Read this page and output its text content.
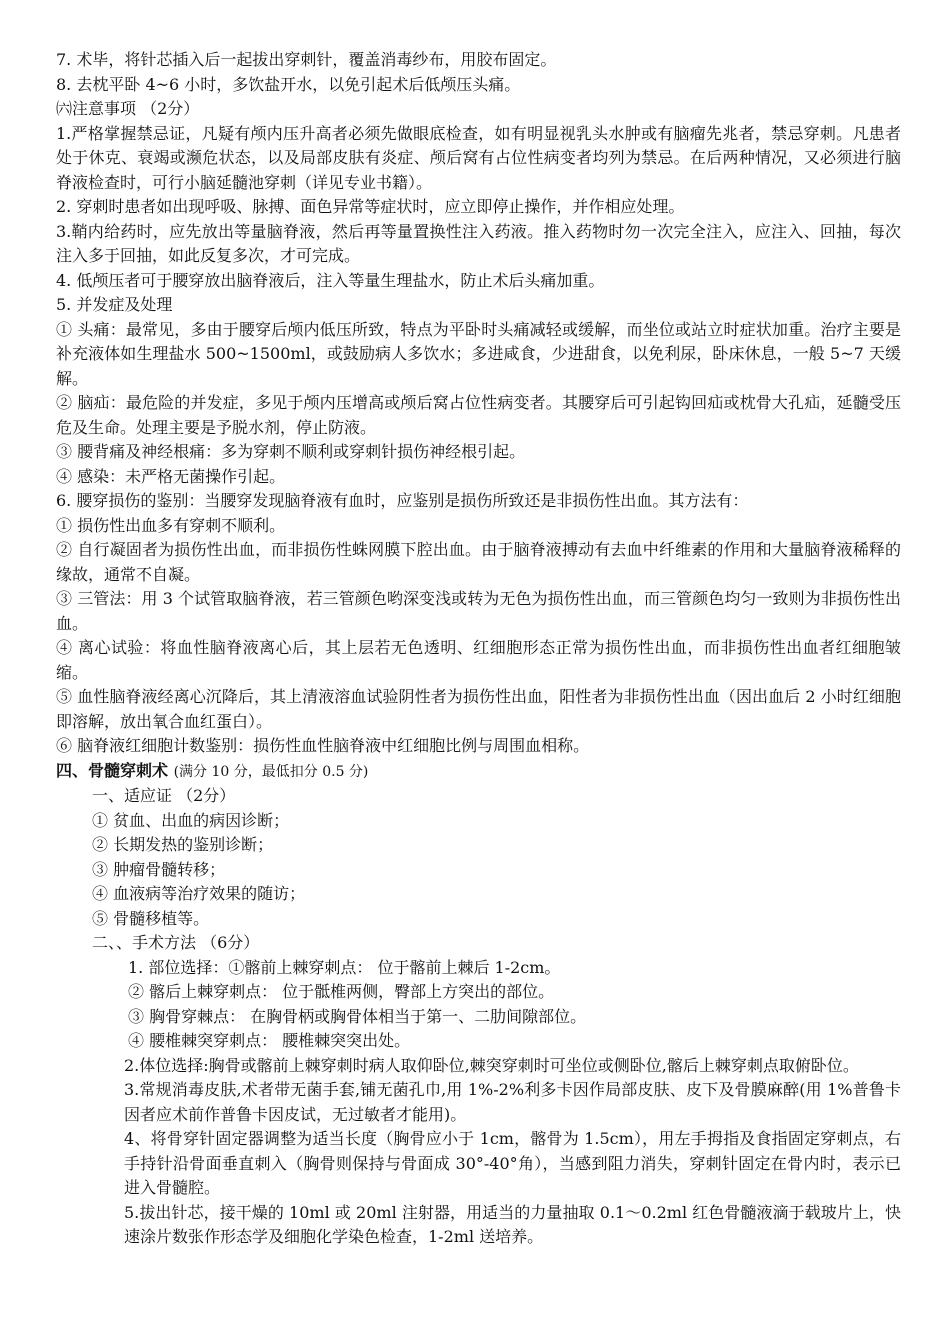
7. 术毕，将针芯插入后一起拔出穿刺针，覆盖消毒纱布，用胶布固定。

8. 去枕平卧 4~6 小时，多饮盐开水，以免引起术后低颅压头痛。

㈥注意事项 （2分）

1.严格掌握禁忌证，凡疑有颅内压升高者必须先做眼底检查，如有明显视乳头水肿或有脑瘤先兆者，禁忌穿刺。凡患者处于休克、衰竭或濒危状态，以及局部皮肤有炎症、颅后窝有占位性病变者均列为禁忌。在后两种情况，又必须进行脑脊液检查时，可行小脑延髓池穿刺（详见专业书籍）。

2. 穿刺时患者如出现呼吸、脉搏、面色异常等症状时，应立即停止操作，并作相应处理。

3.鞘内给药时，应先放出等量脑脊液，然后再等量置换性注入药液。推入药物时勿一次完全注入，应注入、回抽，每次注入多于回抽，如此反复多次，才可完成。

4. 低颅压者可于腰穿放出脑脊液后，注入等量生理盐水，防止术后头痛加重。

5. 并发症及处理

① 头痛：最常见，多由于腰穿后颅内低压所致，特点为平卧时头痛减轻或缓解，而坐位或站立时症状加重。治疗主要是补充液体如生理盐水 500~1500ml，或鼓励病人多饮水；多进咸食，少进甜食，以免利尿，卧床休息，一般 5~7 天缓解。

② 脑疝：最危险的并发症，多见于颅内压增高或颅后窝占位性病变者。其腰穿后可引起钩回疝或枕骨大孔疝，延髓受压危及生命。处理主要是予脱水剂，停止防液。

③ 腰背痛及神经根痛：多为穿刺不顺利或穿刺针损伤神经根引起。

④ 感染：未严格无菌操作引起。

6. 腰穿损伤的鉴别：当腰穿发现脑脊液有血时，应鉴别是损伤所致还是非损伤性出血。其方法有：

① 损伤性出血多有穿刺不顺利。

② 自行凝固者为损伤性出血，而非损伤性蛛网膜下腔出血。由于脑脊液搏动有去血中纤维素的作用和大量脑脊液稀释的缘故，通常不自凝。

③ 三管法：用 3 个试管取脑脊液，若三管颜色哟深变浅或转为无色为损伤性出血，而三管颜色均匀一致则为非损伤性出血。

④ 离心试验：将血性脑脊液离心后，其上层若无色透明、红细胞形态正常为损伤性出血，而非损伤性出血者红细胞皱缩。

⑤ 血性脑脊液经离心沉降后，其上清液溶血试验阴性者为损伤性出血，阳性者为非损伤性出血（因出血后 2 小时红细胞即溶解，放出氧合血红蛋白）。

⑥ 脑脊液红细胞计数鉴别：损伤性血性脑脊液中红细胞比例与周围血相称。

四、骨髓穿刺术 (满分 10 分，最低扣分 0.5 分)

一、适应证 （2分）

① 贫血、出血的病因诊断；

② 长期发热的鉴别诊断；

③ 肿瘤骨髓转移；

④ 血液病等治疗效果的随访；

⑤ 骨髓移植等。

二、、手术方法 （6分）

1. 部位选择：①髂前上棘穿刺点： 位于髂前上棘后 1-2cm。

② 髂后上棘穿刺点： 位于骶椎两侧，臀部上方突出的部位。

③ 胸骨穿棘点： 在胸骨柄或胸骨体相当于第一、二肋间隙部位。

④ 腰椎棘突穿刺点： 腰椎棘突突出处。

2.体位选择:胸骨或髂前上棘穿刺时病人取仰卧位,棘突穿刺时可坐位或侧卧位,髂后上棘穿刺点取俯卧位。

3.常规消毒皮肤,术者带无菌手套,铺无菌孔巾,用 1%-2%利多卡因作局部皮肤、皮下及骨膜麻醉(用 1%普鲁卡因者应术前作普鲁卡因皮试，无过敏者才能用)。

4、将骨穿针固定器调整为适当长度（胸骨应小于 1cm，髂骨为 1.5cm），用左手拇指及食指固定穿刺点，右手持针沿骨面垂直刺入（胸骨则保持与骨面成 30°-40°角），当感到阻力消失，穿刺针固定在骨内时，表示已进入骨髓腔。

5.拔出针芯，接干燥的 10ml 或 20ml 注射器，用适当的力量抽取 0.1～0.2ml 红色骨髓液滴于载玻片上，快速涂片数张作形态学及细胞化学染色检查，1-2ml 送培养。
